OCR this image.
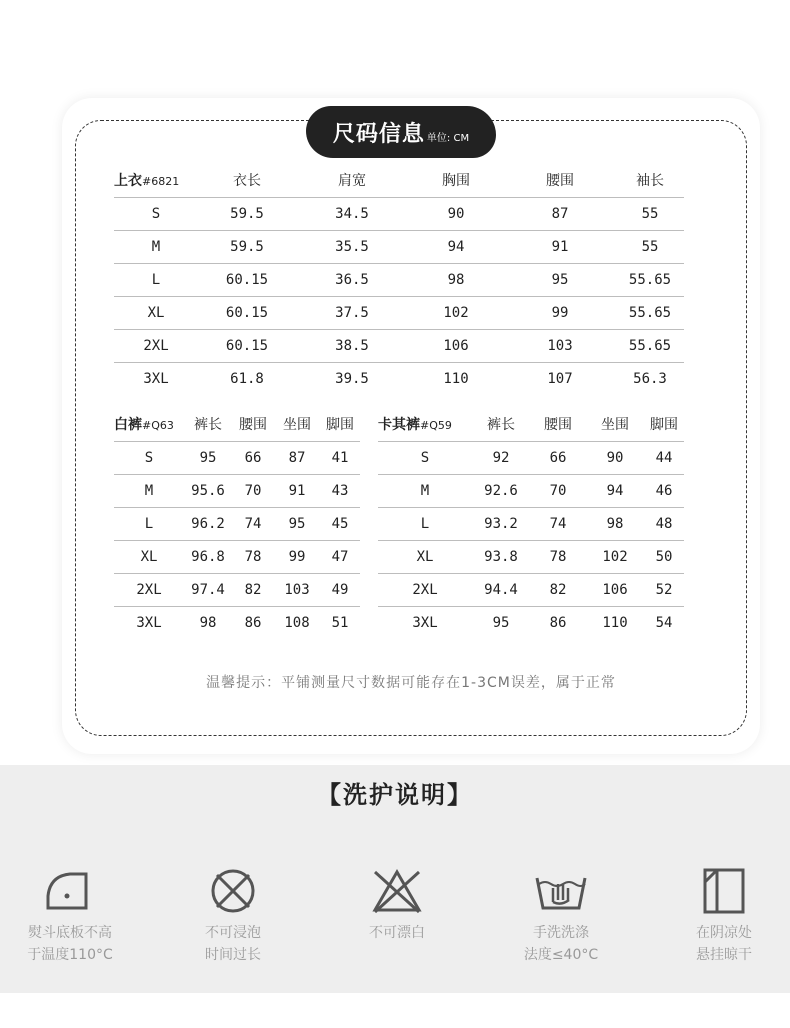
尺码信息 单位: CM
上衣#6821	衣长	肩宽	胸围	腰围	袖长
S	59.5	34.5	90	87	55
M	59.5	35.5	94	91	55
L	60.15	36.5	98	95	55.65
XL	60.15	37.5	102	99	55.65
2XL	60.15	38.5	106	103	55.65
3XL	61.8	39.5	110	107	56.3
白裤#Q63	裤长	腰围	坐围	脚围
S	95	66	87	41
M	95.6	70	91	43
L	96.2	74	95	45
XL	96.8	78	99	47
2XL	97.4	82	103	49
3XL	98	86	108	51
卡其裤#Q59	裤长	腰围	坐围	脚围
S	92	66	90	44
M	92.6	70	94	46
L	93.2	74	98	48
XL	93.8	78	102	50
2XL	94.4	82	106	52
3XL	95	86	110	54
温馨提示：平铺测量尺寸数据可能存在1-3CM误差，属于正常
【洗护说明】
熨斗底板不高
于温度110°C
不可浸泡
时间过长
不可漂白	手洗洗涤
法度≤40°C
在阴凉处
悬挂晾干
